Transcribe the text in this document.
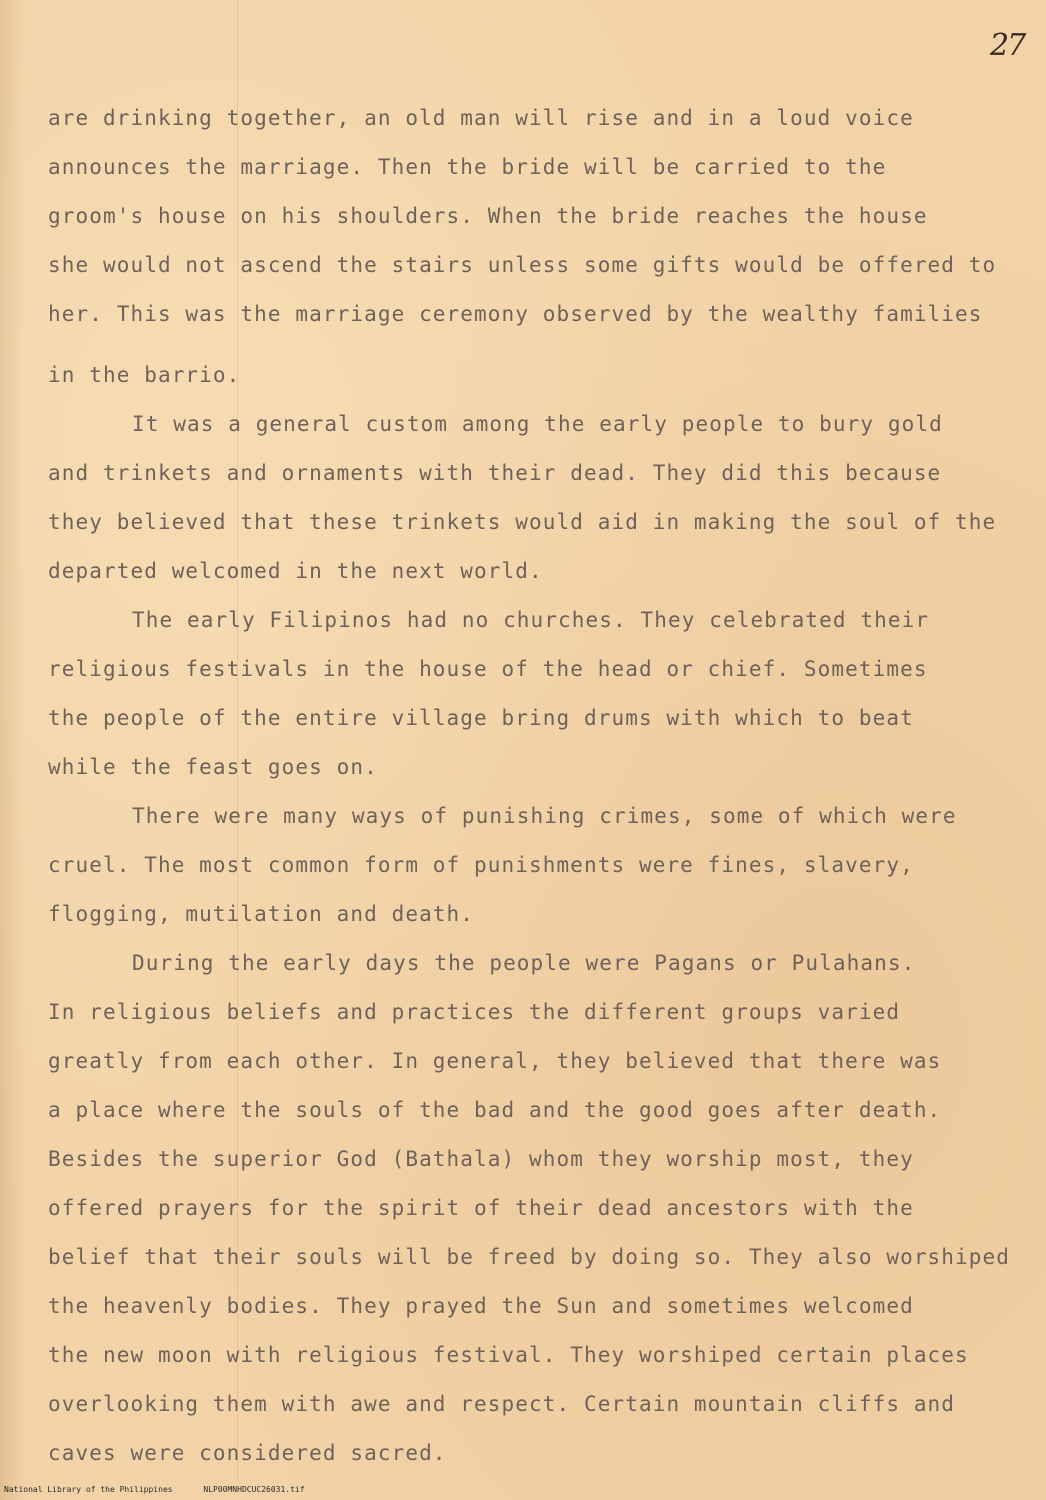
27
are drinking together, an old man will rise and in a loud voice
announces the marriage. Then the bride will be carried to the
groom's house on his shoulders. When the bride reaches the house
she would not ascend the stairs unless some gifts would be offered to
her. This was the marriage ceremony observed by the wealthy families
in the barrio.
It was a general custom among the early people to bury gold
and trinkets and ornaments with their dead. They did this because
they believed that these trinkets would aid in making the soul of the
departed welcomed in the next world.
The early Filipinos had no churches. They celebrated their
religious festivals in the house of the head or chief. Sometimes
the people of the entire village bring drums with which to beat
while the feast goes on.
There were many ways of punishing crimes, some of which were
cruel. The most common form of punishments were fines, slavery,
flogging, mutilation and death.
During the early days the people were Pagans or Pulahans.
In religious beliefs and practices the different groups varied
greatly from each other. In general, they believed that there was
a place where the souls of the bad and the good goes after death.
Besides the superior God (Bathala) whom they worship most, they
offered prayers for the spirit of their dead ancestors with the
belief that their souls will be freed by doing so. They also worshiped
the heavenly bodies. They prayed the Sun and sometimes welcomed
the new moon with religious festival. They worshiped certain places
overlooking them with awe and respect. Certain mountain cliffs and
caves were considered sacred.
National Library of the Philippines	NLP00MNHDCUC26031.tif
